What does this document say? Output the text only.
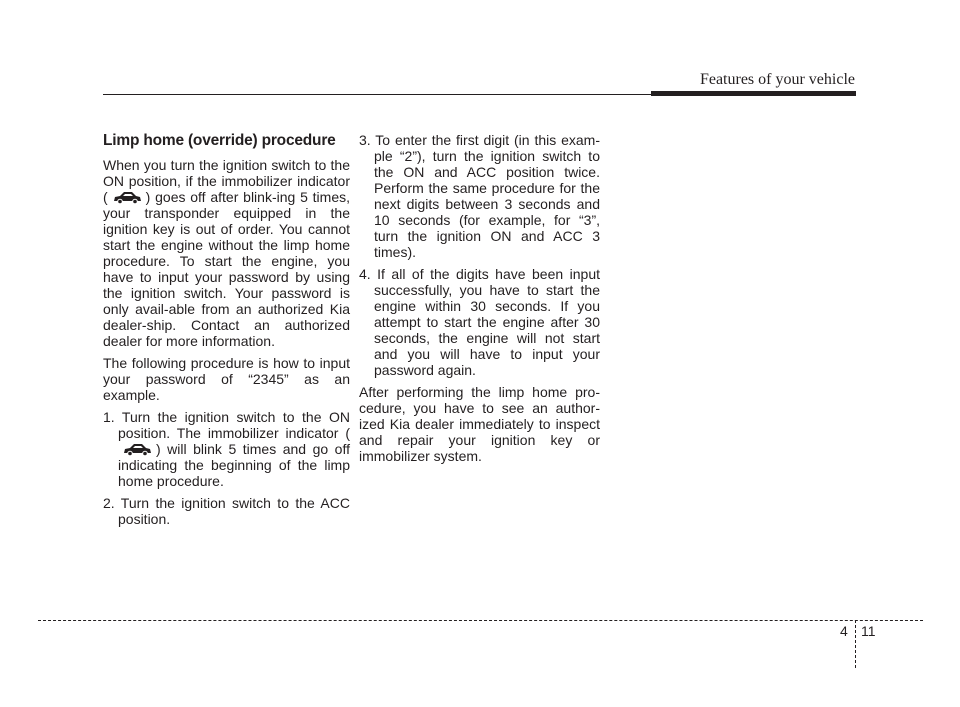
Features of your vehicle
Limp home (override) procedure

When you turn the ignition switch to the ON position, if the immobilizer indicator (	) goes off after blink-ing 5 times, your transponder equipped in the ignition key is out of order. You cannot start the engine without the limp home procedure. To start the engine, you have to input your password by using the ignition switch. Your password is only avail-able from an authorized Kia dealer-ship. Contact an authorized dealer for more information.

The following procedure is how to input your password of “2345” as an example.

1. Turn the ignition switch to the ON position. The immobilizer indicator (
) will blink 5 times and go off indicating the beginning of the limp home procedure.

2. Turn the ignition switch to the ACC position.

3. To enter the first digit (in this exam-ple “2”), turn the ignition switch to the ON and ACC position twice. Perform the same procedure for the next digits between 3 seconds and 10 seconds (for example, for “3”, turn the ignition ON and ACC 3 times).

4. If all of the digits have been input successfully, you have to start the engine within 30 seconds. If you attempt to start the engine after 30 seconds, the engine will not start and you will have to input your password again.

After performing the limp home pro-cedure, you have to see an author-ized Kia dealer immediately to inspect and repair your ignition key or immobilizer system.

4 11
